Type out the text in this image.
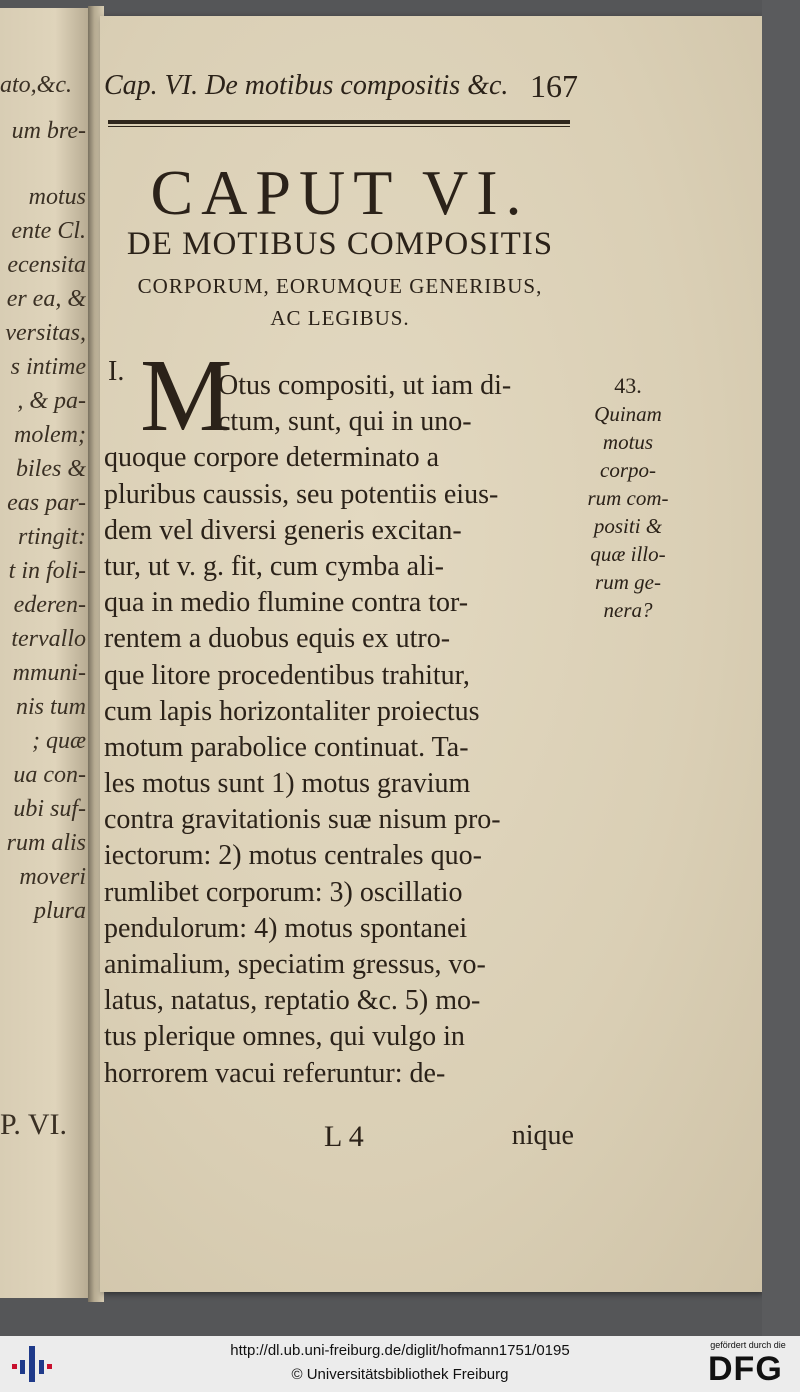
ato,&c.
um bre-
motus
ente Cl.
ecensita
er ea, &
versitas,
s intime
, & pa-
molem;
biles &
eas par-
rtingit:
t in foli-
ederen-
tervallo
mmuni-
nis tum
; quæ
ua con-
ubi suf-
rum alis
moveri
plura
P. VI.
Cap. VI. De motibus compositis &c. 167
CAPUT VI.
DE MOTIBUS COMPOSITIS
CORPORUM, EORUMQUE GENERIBUS,
AC LEGIBUS.
I. M
Otus compositi, ut iam di-
ctum, sunt, qui in uno-
quoque corpore determinato a
pluribus caussis, seu potentiis eius-
dem vel diversi generis excitan-
tur, ut v. g. fit, cum cymba ali-
qua in medio flumine contra tor-
rentem a duobus equis ex utro-
que litore procedentibus trahitur,
cum lapis horizontaliter proiectus
motum parabolice continuat. Ta-
les motus sunt 1) motus gravium
contra gravitationis suæ nisum pro-
iectorum: 2) motus centrales quo-
rumlibet corporum: 3) oscillatio
pendulorum: 4) motus spontanei
animalium, speciatim gressus, vo-
latus, natatus, reptatio &c. 5) mo-
tus plerique omnes, qui vulgo in
horrorem vacui referuntur: de-
L 4	nique
43.
Quinam
motus
corpo-
rum com-
positi &
quæ illo-
rum ge-
nera?
http://dl.ub.uni-freiburg.de/diglit/hofmann1751/0195
© Universitätsbibliothek Freiburg
gefördert durch die
DFG
